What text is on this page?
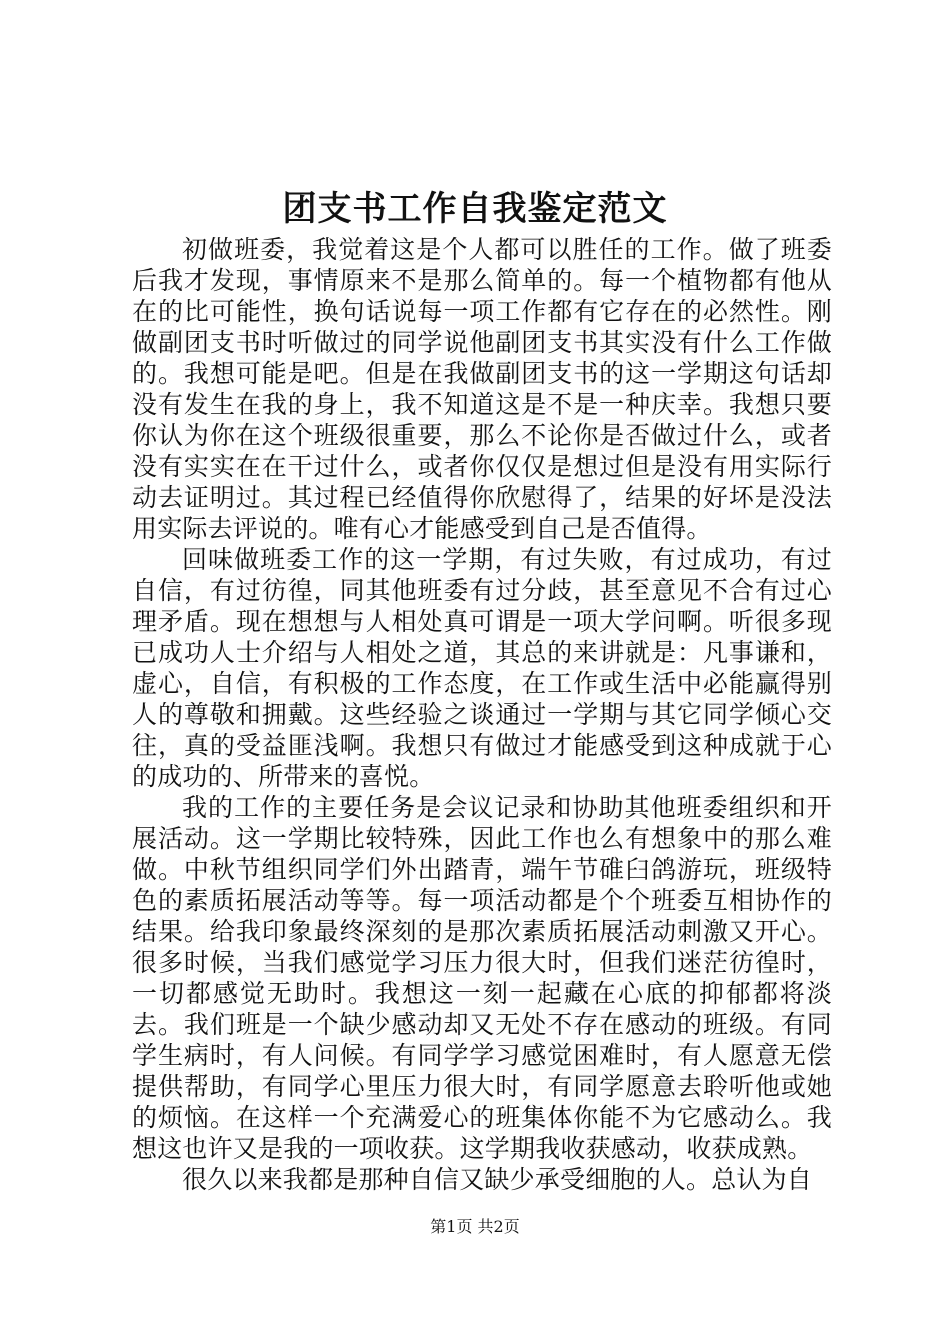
团支书工作自我鉴定范文

初做班委，我觉着这是个人都可以胜任的工作。做了班委后我才发现，事情原来不是那么简单的。每一个植物都有他从在的比可能性，换句话说每一项工作都有它存在的必然性。刚做副团支书时听做过的同学说他副团支书其实没有什么工作做的。我想可能是吧。但是在我做副团支书的这一学期这句话却没有发生在我的身上，我不知道这是不是一种庆幸。我想只要你认为你在这个班级很重要，那么不论你是否做过什么，或者没有实实在在干过什么，或者你仅仅是想过但是没有用实际行动去证明过。其过程已经值得你欣慰得了，结果的好坏是没法用实际去评说的。唯有心才能感受到自己是否值得。

回味做班委工作的这一学期，有过失败，有过成功，有过自信，有过彷徨，同其他班委有过分歧，甚至意见不合有过心理矛盾。现在想想与人相处真可谓是一项大学问啊。听很多现已成功人士介绍与人相处之道，其总的来讲就是：凡事谦和，虚心，自信，有积极的工作态度，在工作或生活中必能赢得别人的尊敬和拥戴。这些经验之谈通过一学期与其它同学倾心交往，真的受益匪浅啊。我想只有做过才能感受到这种成就于心的成功的、所带来的喜悦。

我的工作的主要任务是会议记录和协助其他班委组织和开展活动。这一学期比较特殊，因此工作也么有想象中的那么难做。中秋节组织同学们外出踏青，端午节碓臼鸽游玩，班级特色的素质拓展活动等等。每一项活动都是个个班委互相协作的结果。给我印象最终深刻的是那次素质拓展活动刺激又开心。很多时候，当我们感觉学习压力很大时，但我们迷茫彷徨时，一切都感觉无助时。我想这一刻一起藏在心底的抑郁都将淡去。我们班是一个缺少感动却又无处不存在感动的班级。有同学生病时，有人问候。有同学学习感觉困难时，有人愿意无偿提供帮助，有同学心里压力很大时，有同学愿意去聆听他或她的烦恼。在这样一个充满爱心的班集体你能不为它感动么。我想这也许又是我的一项收获。这学期我收获感动，收获成熟。

很久以来我都是那种自信又缺少承受细胞的人。总认为自

第1页 共2页
